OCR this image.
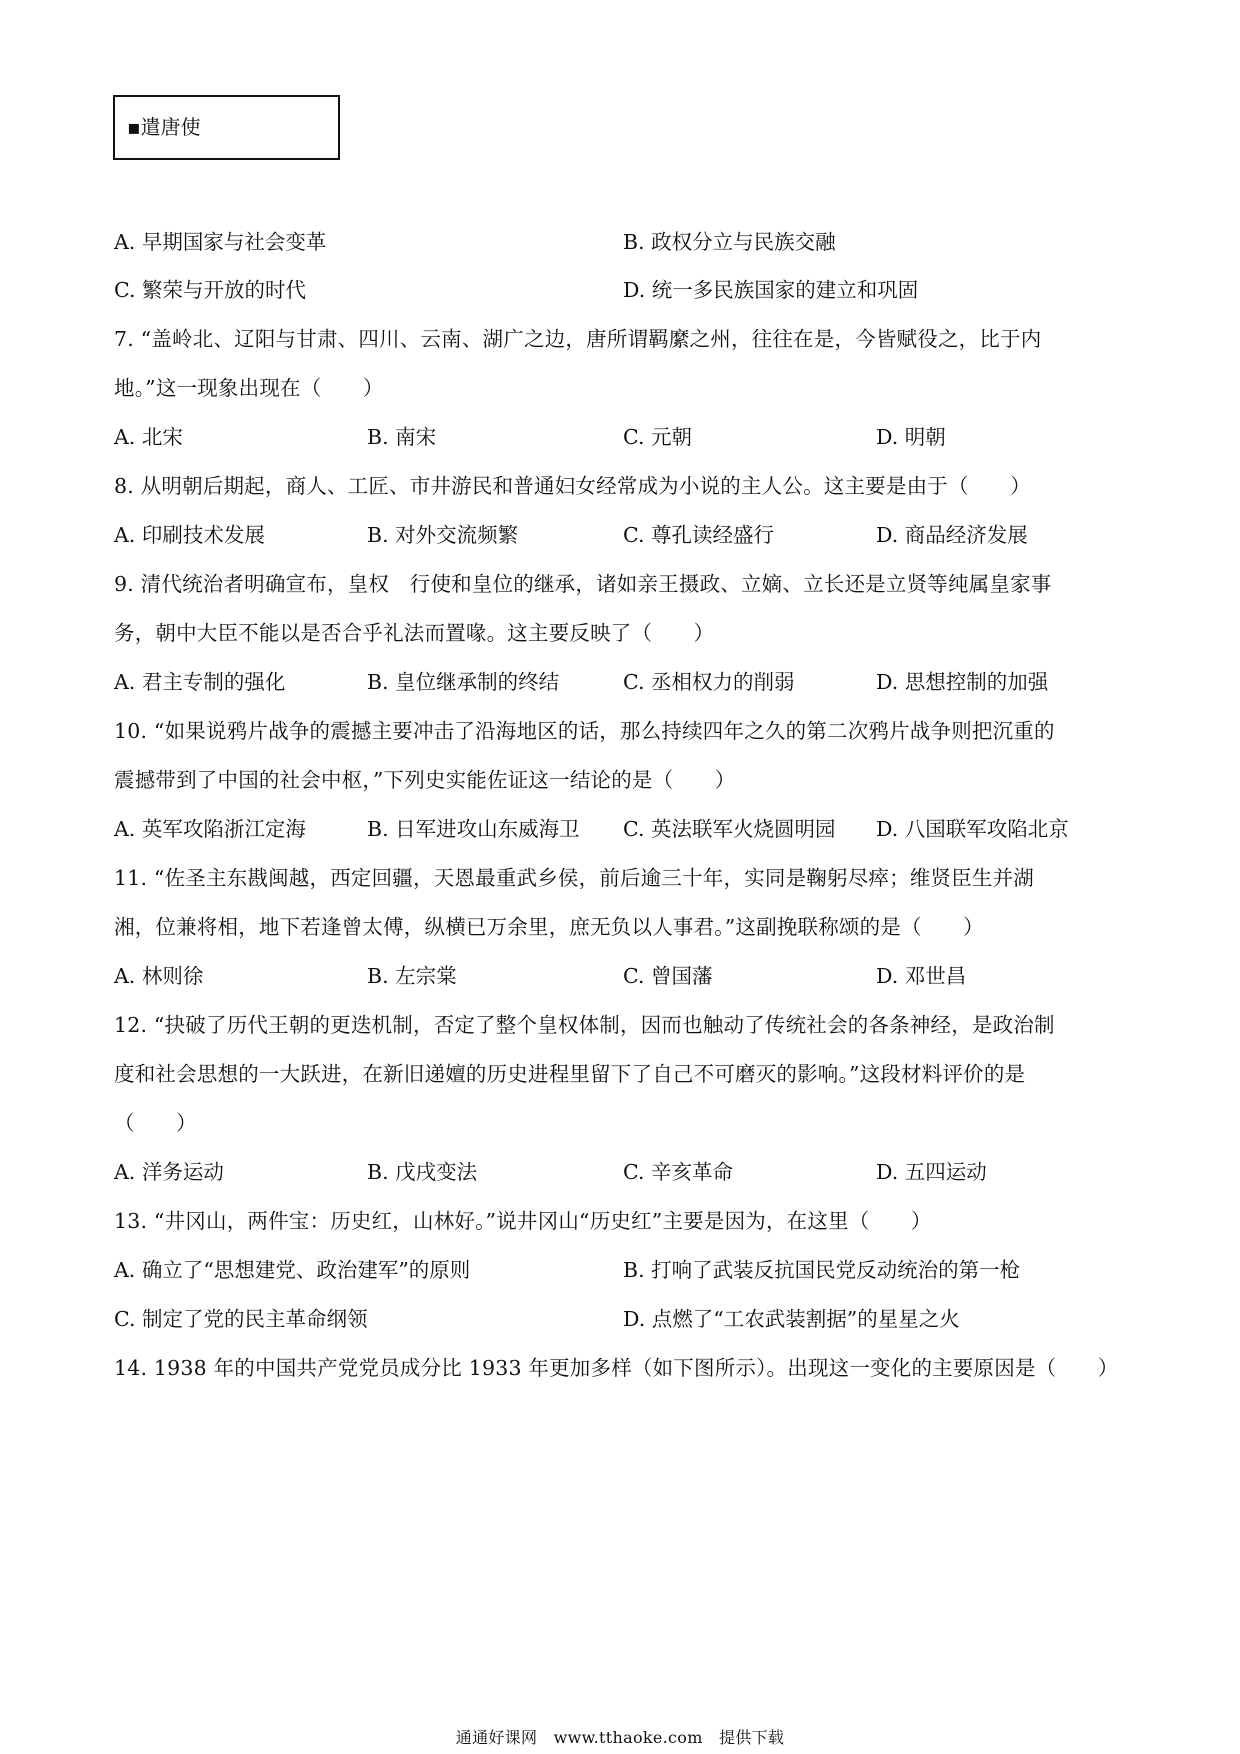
▪遣唐使
A. 早期国家与社会变革	B. 政权分立与民族交融
C. 繁荣与开放的时代	D. 统一多民族国家的建立和巩固
7. “盖岭北、辽阳与甘肃、四川、云南、湖广之边，唐所谓羁縻之州，往往在是，今皆赋役之，比于内
地。”这一现象出现在（　　）
A. 北宋	B. 南宋	C. 元朝	D. 明朝
8. 从明朝后期起，商人、工匠、市井游民和普通妇女经常成为小说的主人公。这主要是由于（　　）
A. 印刷技术发展	B. 对外交流频繁	C. 尊孔读经盛行	D. 商品经济发展
9. 清代统治者明确宣布，皇权　行使和皇位的继承，诸如亲王摄政、立嫡、立长还是立贤等纯属皇家事
务，朝中大臣不能以是否合乎礼法而置喙。这主要反映了（　　）
A. 君主专制的强化	B. 皇位继承制的终结	C. 丞相权力的削弱	D. 思想控制的加强
10. “如果说鸦片战争的震撼主要冲击了沿海地区的话，那么持续四年之久的第二次鸦片战争则把沉重的
震撼带到了中国的社会中枢，”下列史实能佐证这一结论的是（　　）
A. 英军攻陷浙江定海	B. 日军进攻山东威海卫 C. 英法联军火烧圆明园 D. 八国联军攻陷北京
11. “佐圣主东戡闽越，西定回疆，天恩最重武乡侯，前后逾三十年，实同是鞠躬尽瘁；维贤臣生并湖
湘，位兼将相，地下若逢曾太傅，纵横已万余里，庶无负以人事君。”这副挽联称颂的是（　　）
A. 林则徐	B. 左宗棠	C. 曾国藩	D. 邓世昌
12. “抉破了历代王朝的更迭机制，否定了整个皇权体制，因而也触动了传统社会的各条神经，是政治制
度和社会思想的一大跃进，在新旧递嬗的历史进程里留下了自己不可磨灭的影响。”这段材料评价的是
（　　）
A. 洋务运动	B. 戊戌变法	C. 辛亥革命	D. 五四运动
13. “井冈山，两件宝：历史红，山林好。”说井冈山“历史红”主要是因为，在这里（　　）
A. 确立了“思想建党、政治建军”的原则	B. 打响了武装反抗国民党反动统治的第一枪
C. 制定了党的民主革命纲领	D. 点燃了“工农武装割据”的星星之火
14. 1938 年的中国共产党党员成分比 1933 年更加多样（如下图所示）。出现这一变化的主要原因是（　　）
通通好课网　www.tthaoke.com　提供下载
